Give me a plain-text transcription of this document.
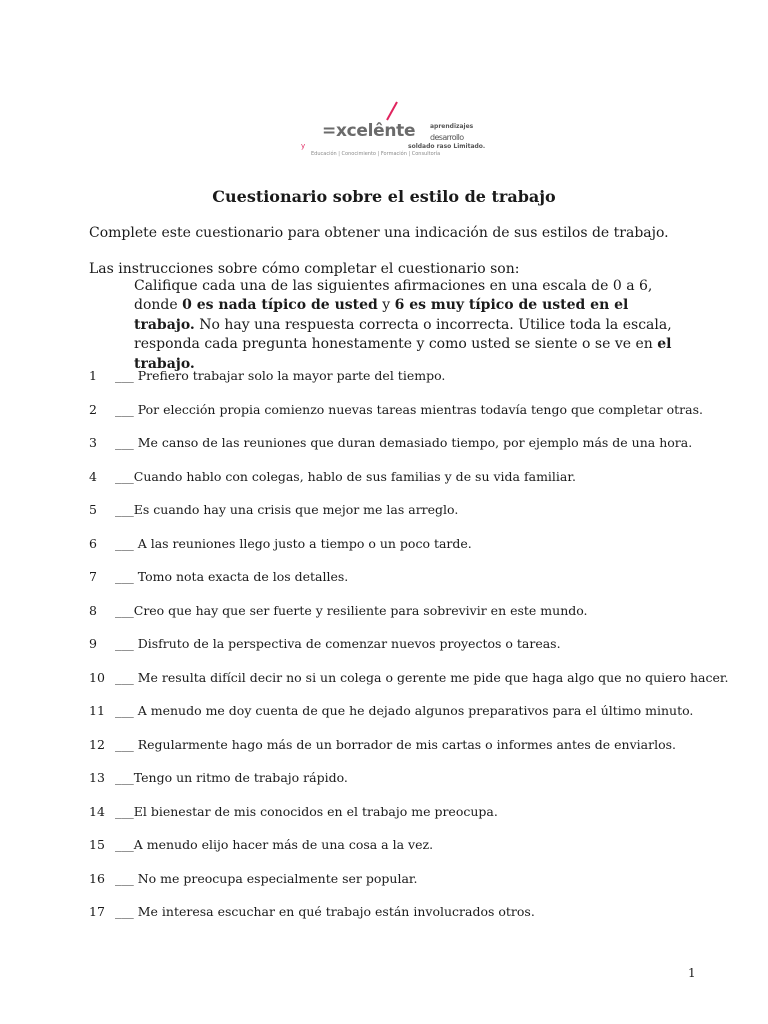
=xcelênte aprendizajes
desarrollo
soldado raso Limitado.
y
Educación | Conocimiento | Formación | Consultoría
Cuestionario sobre el estilo de trabajo
Complete este cuestionario para obtener una indicación de sus estilos de trabajo.
Las instrucciones sobre cómo completar el cuestionario son:
Califique cada una de las siguientes afirmaciones en una escala de 0 a 6, donde 0 es nada típico de usted y 6 es muy típico de usted en el trabajo. No hay una respuesta correcta o incorrecta. Utilice toda la escala, responda cada pregunta honestamente y como usted se siente o se ve en el trabajo.
1 ___ Prefiero trabajar solo la mayor parte del tiempo.
2 ___ Por elección propia comienzo nuevas tareas mientras todavía tengo que completar otras.
3 ___ Me canso de las reuniones que duran demasiado tiempo, por ejemplo más de una hora.
4 ___Cuando hablo con colegas, hablo de sus familias y de su vida familiar.
5 ___Es cuando hay una crisis que mejor me las arreglo.
6 ___ A las reuniones llego justo a tiempo o un poco tarde.
7 ___ Tomo nota exacta de los detalles.
8 ___Creo que hay que ser fuerte y resiliente para sobrevivir en este mundo.
9 ___ Disfruto de la perspectiva de comenzar nuevos proyectos o tareas.
10 ___ Me resulta difícil decir no si un colega o gerente me pide que haga algo que no quiero hacer.
11 ___ A menudo me doy cuenta de que he dejado algunos preparativos para el último minuto.
12 ___ Regularmente hago más de un borrador de mis cartas o informes antes de enviarlos.
13 ___Tengo un ritmo de trabajo rápido.
14 ___El bienestar de mis conocidos en el trabajo me preocupa.
15 ___A menudo elijo hacer más de una cosa a la vez.
16 ___ No me preocupa especialmente ser popular.
17 ___ Me interesa escuchar en qué trabajo están involucrados otros.
1
